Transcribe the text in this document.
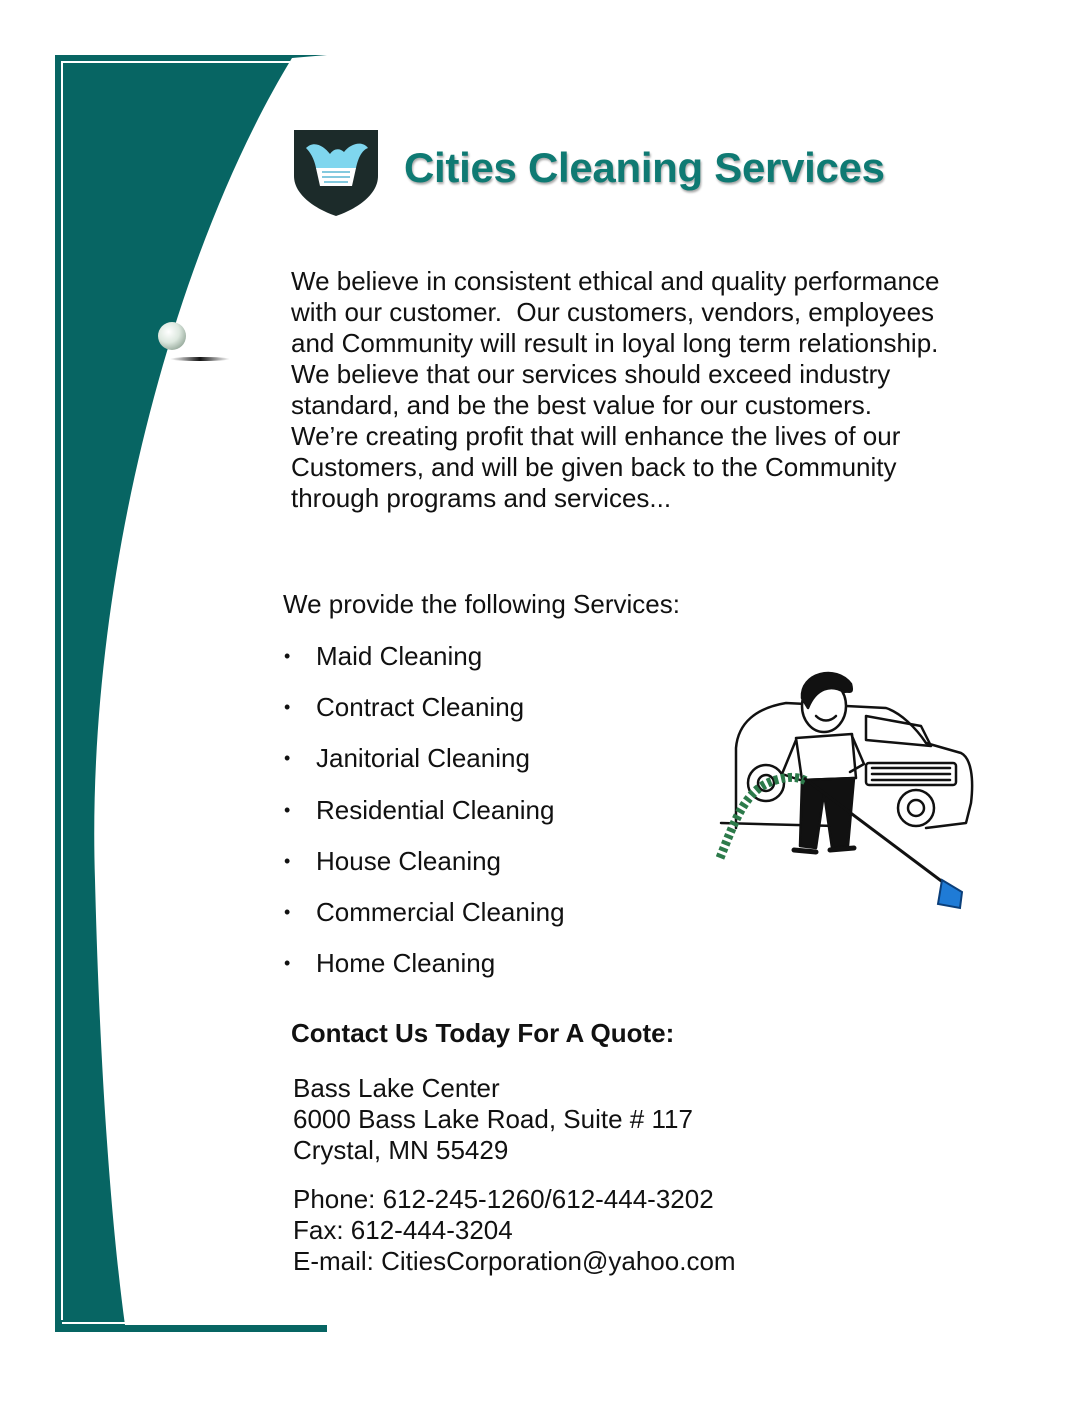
Cities Cleaning Services
We believe in consistent ethical and quality performance
with our customer.  Our customers, vendors, employees
and Community will result in loyal long term relationship.
We believe that our services should exceed industry
standard, and be the best value for our customers.
We’re creating profit that will enhance the lives of our
Customers, and will be given back to the Community
through programs and services...
We provide the following Services:
• Maid Cleaning
• Contract Cleaning
• Janitorial Cleaning
• Residential Cleaning
• House Cleaning
• Commercial Cleaning
• Home Cleaning
Contact Us Today For A Quote:
Bass Lake Center
6000 Bass Lake Road, Suite # 117
Crystal, MN 55429
Phone: 612-245-1260/612-444-3202
Fax: 612-444-3204
E-mail: CitiesCorporation@yahoo.com
